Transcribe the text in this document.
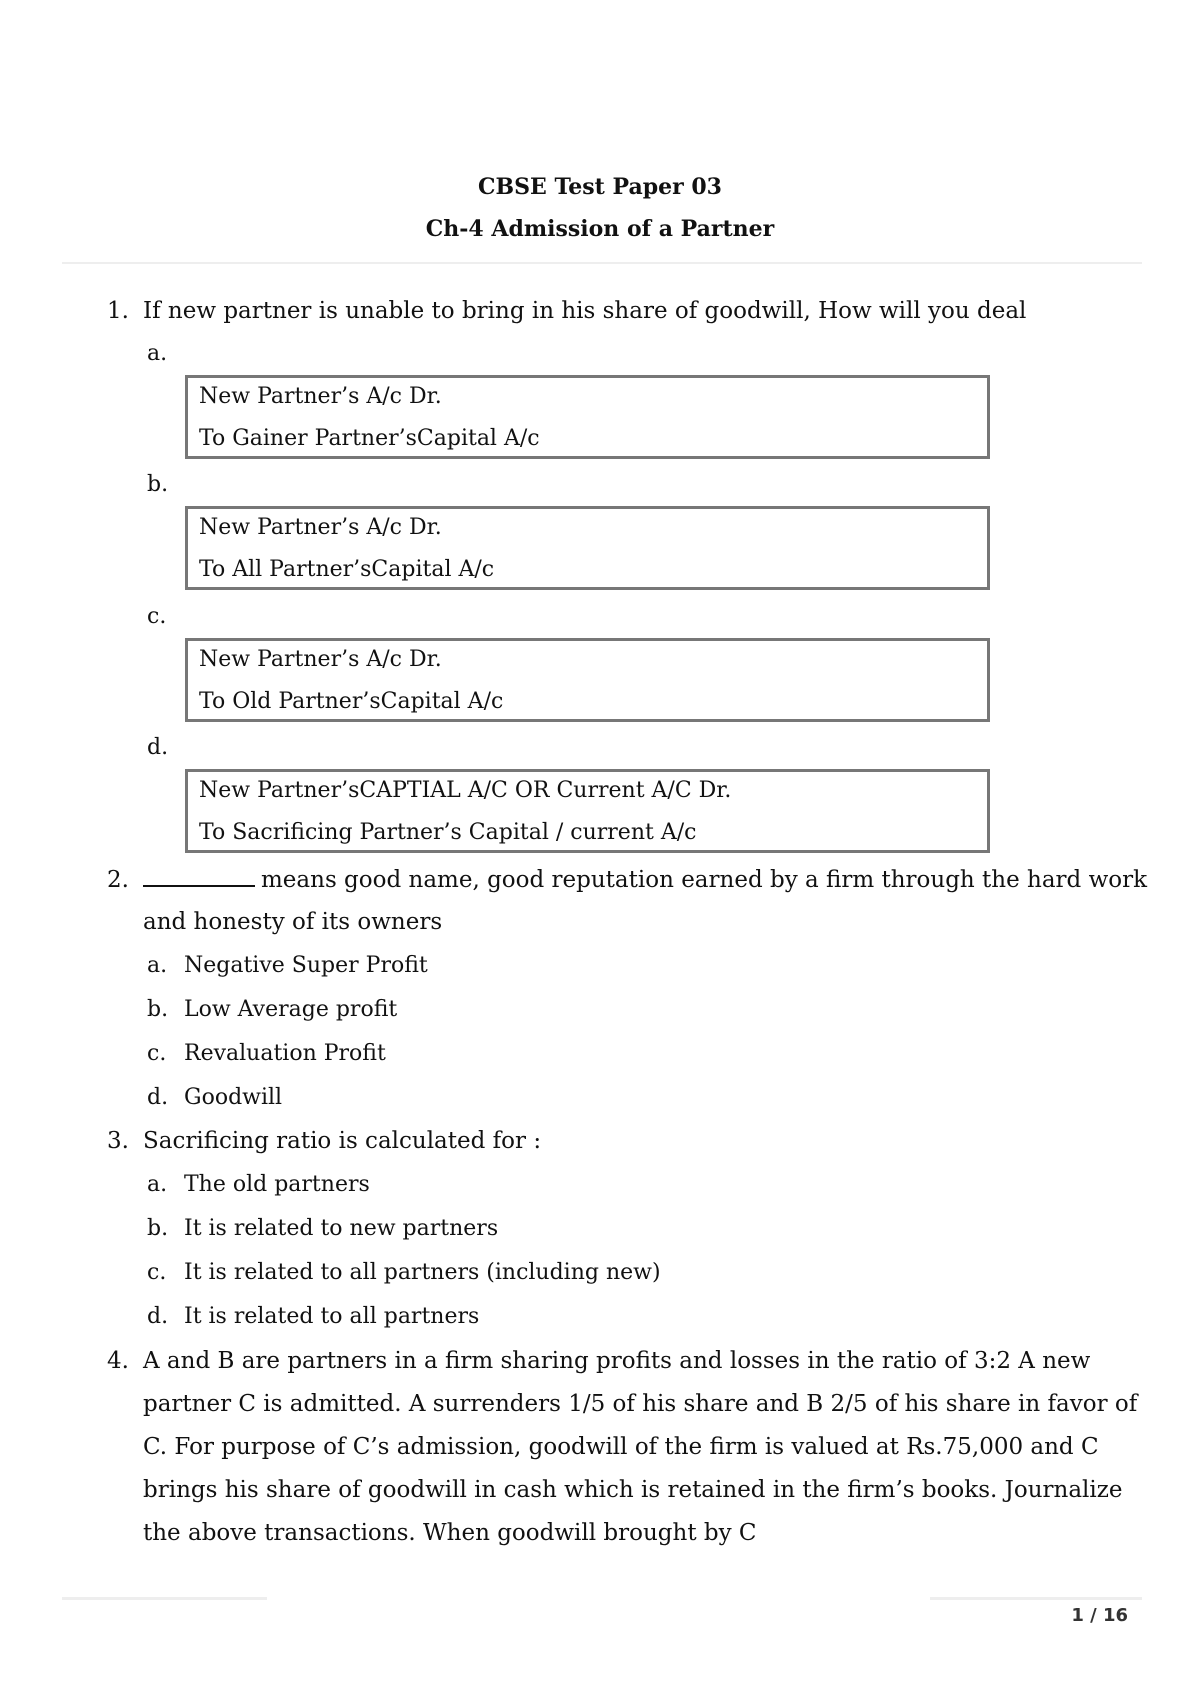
CBSE Test Paper 03
Ch-4 Admission of a Partner
1. If new partner is unable to bring in his share of goodwill, How will you deal
a.
New Partner’s A/c Dr.
To Gainer Partner’sCapital A/c
b.
New Partner’s A/c Dr.
To All Partner’sCapital A/c
c.
New Partner’s A/c Dr.
To Old Partner’sCapital A/c
d.
New Partner’sCAPTIAL A/C OR Current A/C Dr.
To Sacrificing Partner’s Capital / current A/c
2.	means good name, good reputation earned by a firm through the hard work
and honesty of its owners
a. Negative Super Profit
b. Low Average profit
c. Revaluation Profit
d. Goodwill
3. Sacrificing ratio is calculated for :
a. The old partners
b. It is related to new partners
c. It is related to all partners (including new)
d. It is related to all partners
4. A and B are partners in a firm sharing profits and losses in the ratio of 3:2 A new
partner C is admitted. A surrenders 1/5 of his share and B 2/5 of his share in favor of
C. For purpose of C’s admission, goodwill of the firm is valued at Rs.75,000 and C
brings his share of goodwill in cash which is retained in the firm’s books. Journalize
the above transactions. When goodwill brought by C
1 / 16
